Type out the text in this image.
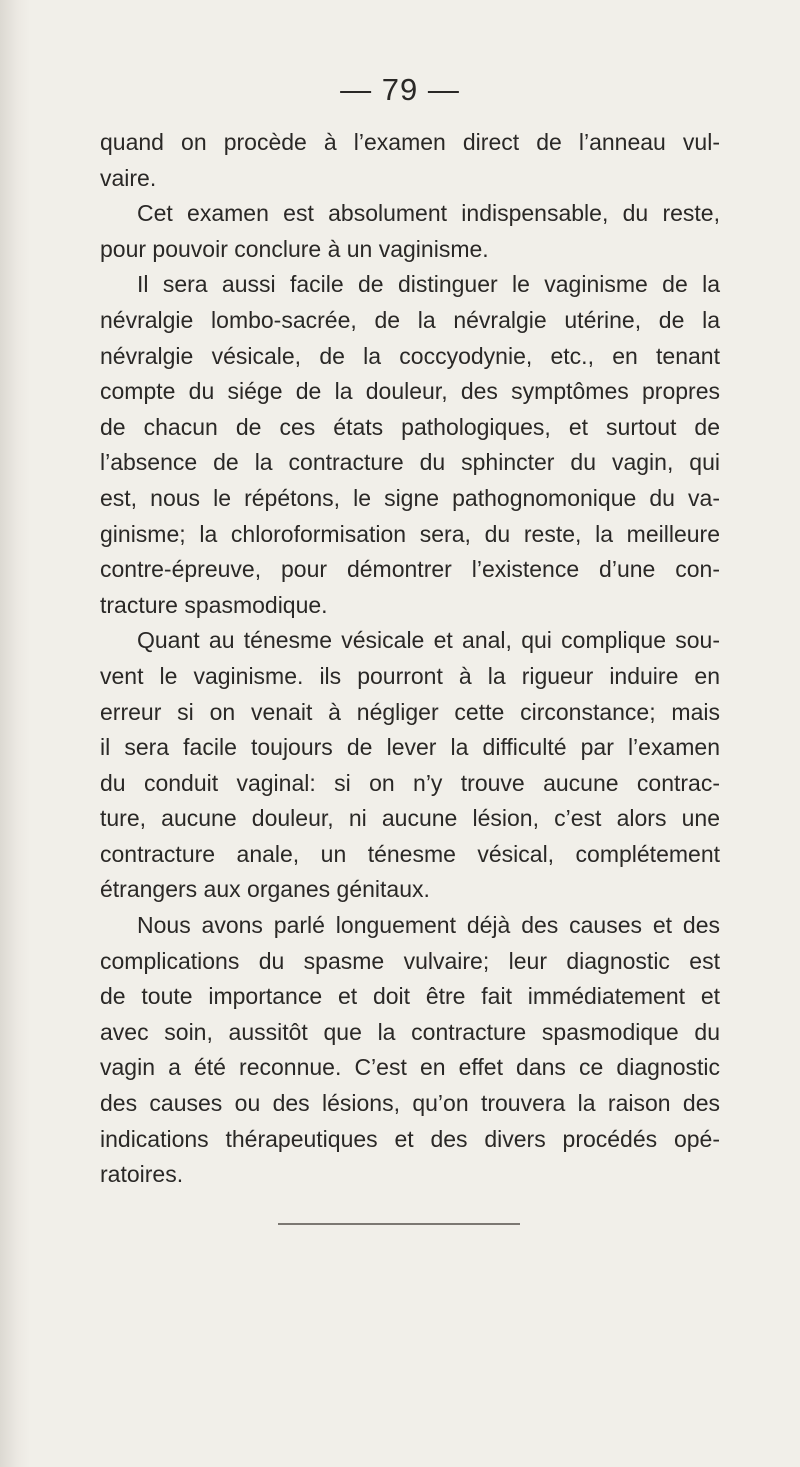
— 79 —
quand on procède à l’examen direct de l’anneau vul-
vaire.
Cet examen est absolument indispensable, du reste,
pour pouvoir conclure à un vaginisme.
Il sera aussi facile de distinguer le vaginisme de la
névralgie lombo-sacrée, de la névralgie utérine, de la
névralgie vésicale, de la coccyodynie, etc., en tenant
compte du siége de la douleur, des symptômes propres
de chacun de ces états pathologiques, et surtout de
l’absence de la contracture du sphincter du vagin, qui
est, nous le répétons, le signe pathognomonique du va-
ginisme; la chloroformisation sera, du reste, la meilleure
contre-épreuve, pour démontrer l’existence d’une con-
tracture spasmodique.
Quant au ténesme vésicale et anal, qui complique sou-
vent le vaginisme. ils pourront à la rigueur induire en
erreur si on venait à négliger cette circonstance; mais
il sera facile toujours de lever la difficulté par l’examen
du conduit vaginal: si on n’y trouve aucune contrac-
ture, aucune douleur, ni aucune lésion, c’est alors une
contracture anale, un ténesme vésical, complétement
étrangers aux organes génitaux.
Nous avons parlé longuement déjà des causes et des
complications du spasme vulvaire; leur diagnostic est
de toute importance et doit être fait immédiatement et
avec soin, aussitôt que la contracture spasmodique du
vagin a été reconnue. C’est en effet dans ce diagnostic
des causes ou des lésions, qu’on trouvera la raison des
indications thérapeutiques et des divers procédés opé-
ratoires.
